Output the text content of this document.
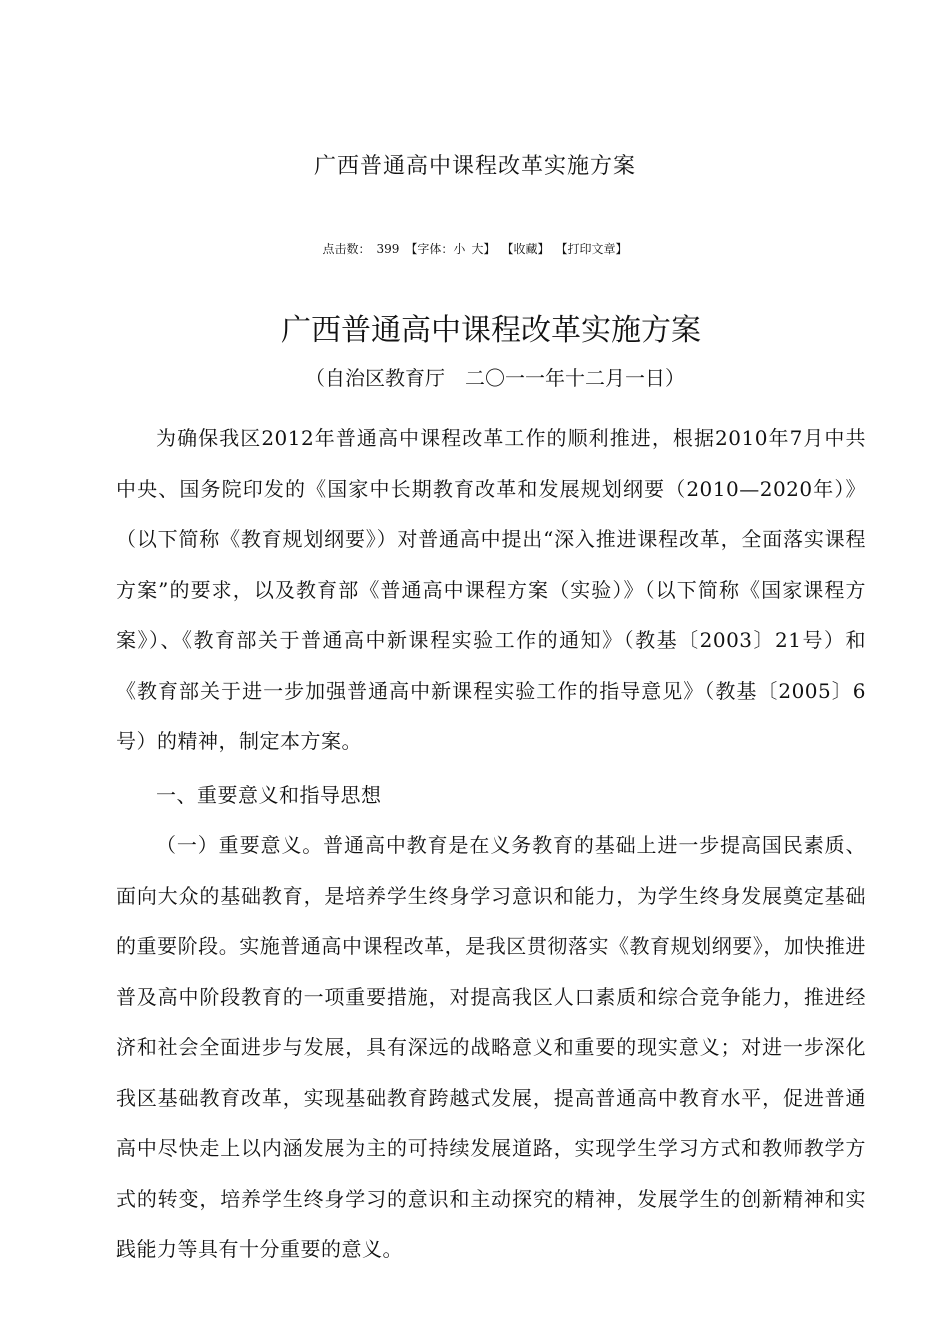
广西普通高中课程改革实施方案
点击数： 399 【字体：小 大】 【收藏】 【打印文章】
广西普通高中课程改革实施方案

（自治区教育厅　二〇一一年十二月一日）

为确保我区2012年普通高中课程改革工作的顺利推进，根据2010年7月中共中央、国务院印发的《国家中长期教育改革和发展规划纲要（2010—2020年）》（以下简称《教育规划纲要》）对普通高中提出“深入推进课程改革，全面落实课程方案”的要求，以及教育部《普通高中课程方案（实验）》（以下简称《国家课程方案》）、《教育部关于普通高中新课程实验工作的通知》（教基〔2003〕21号）和《教育部关于进一步加强普通高中新课程实验工作的指导意见》（教基〔2005〕6号）的精神，制定本方案。

一、重要意义和指导思想

（一）重要意义。普通高中教育是在义务教育的基础上进一步提高国民素质、面向大众的基础教育，是培养学生终身学习意识和能力，为学生终身发展奠定基础的重要阶段。实施普通高中课程改革，是我区贯彻落实《教育规划纲要》，加快推进普及高中阶段教育的一项重要措施，对提高我区人口素质和综合竞争能力，推进经济和社会全面进步与发展，具有深远的战略意义和重要的现实意义；对进一步深化我区基础教育改革，实现基础教育跨越式发展，提高普通高中教育水平，促进普通高中尽快走上以内涵发展为主的可持续发展道路，实现学生学习方式和教师教学方式的转变，培养学生终身学习的意识和主动探究的精神，发展学生的创新精神和实践能力等具有十分重要的意义。
